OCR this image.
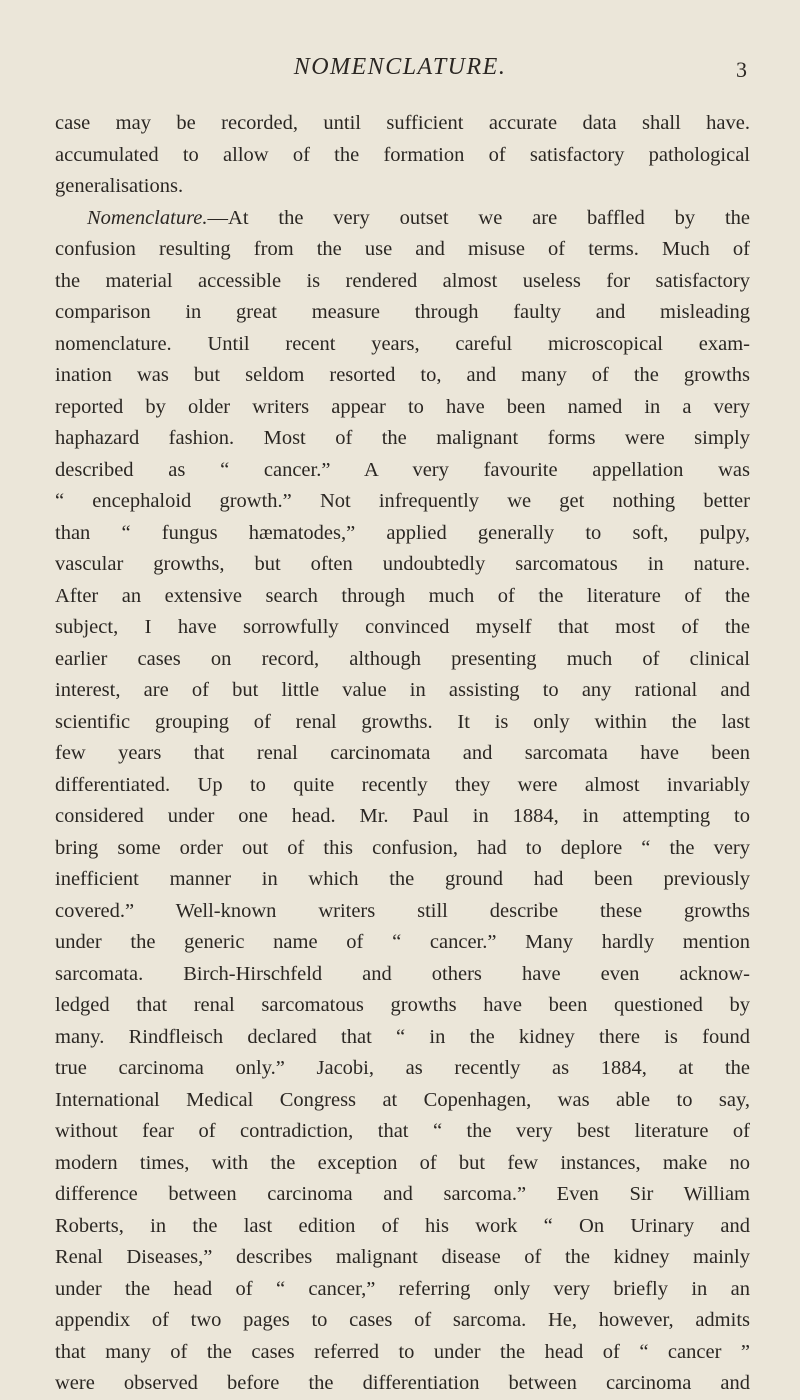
NOMENCLATURE.	3
case may be recorded, until sufficient accurate data shall have.
accumulated to allow of the formation of satisfactory pathological
generalisations.
Nomenclature.—At the very outset we are baffled by the
confusion resulting from the use and misuse of terms. Much of
the material accessible is rendered almost useless for satisfactory
comparison in great measure through faulty and misleading
nomenclature. Until recent years, careful microscopical exam-
ination was but seldom resorted to, and many of the growths
reported by older writers appear to have been named in a very
haphazard fashion. Most of the malignant forms were simply
described as “ cancer.” A very favourite appellation was
“ encephaloid growth.” Not infrequently we get nothing better
than “ fungus hæmatodes,” applied generally to soft, pulpy,
vascular growths, but often undoubtedly sarcomatous in nature.
After an extensive search through much of the literature of the
subject, I have sorrowfully convinced myself that most of the
earlier cases on record, although presenting much of clinical
interest, are of but little value in assisting to any rational and
scientific grouping of renal growths. It is only within the last
few years that renal carcinomata and sarcomata have been
differentiated. Up to quite recently they were almost invariably
considered under one head. Mr. Paul in 1884, in attempting to
bring some order out of this confusion, had to deplore “ the very
inefficient manner in which the ground had been previously
covered.” Well-known writers still describe these growths
under the generic name of “ cancer.” Many hardly mention
sarcomata. Birch-Hirschfeld and others have even acknow-
ledged that renal sarcomatous growths have been questioned by
many. Rindfleisch declared that “ in the kidney there is found
true carcinoma only.” Jacobi, as recently as 1884, at the
International Medical Congress at Copenhagen, was able to say,
without fear of contradiction, that “ the very best literature of
modern times, with the exception of but few instances, make no
difference between carcinoma and sarcoma.” Even Sir William
Roberts, in the last edition of his work “ On Urinary and
Renal Diseases,” describes malignant disease of the kidney mainly
under the head of “ cancer,” referring only very briefly in an
appendix of two pages to cases of sarcoma. He, however, admits
that many of the cases referred to under the head of “ cancer ”
were observed before the differentiation between carcinoma and
